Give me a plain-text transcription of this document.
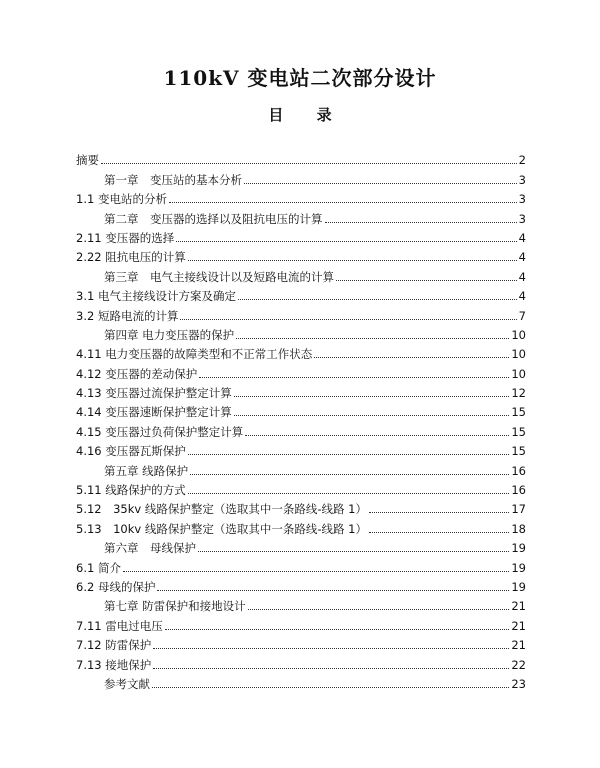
110kV 变电站二次部分设计
目 录
摘要	2
第一章　变压站的基本分析	3
1.1 变电站的分析	3
第二章　变压器的选择以及阻抗电压的计算	3
2.11 变压器的选择	4
2.22 阻抗电压的计算	4
第三章　电气主接线设计以及短路电流的计算	4
3.1 电气主接线设计方案及确定	4
3.2 短路电流的计算	7
第四章 电力变压器的保护	10
4.11 电力变压器的故障类型和不正常工作状态	10
4.12 变压器的差动保护	10
4.13 变压器过流保护整定计算	12
4.14 变压器速断保护整定计算	15
4.15 变压器过负荷保护整定计算	15
4.16 变压器瓦斯保护	15
第五章 线路保护	16
5.11 线路保护的方式	16
5.12　35kv 线路保护整定（选取其中一条路线-线路 1）	17
5.13　10kv 线路保护整定（选取其中一条路线-线路 1）	18
第六章　母线保护	19
6.1 简介	19
6.2 母线的保护	19
第七章 防雷保护和接地设计	21
7.11 雷电过电压	21
7.12 防雷保护	21
7.13 接地保护	22
参考文献	23
